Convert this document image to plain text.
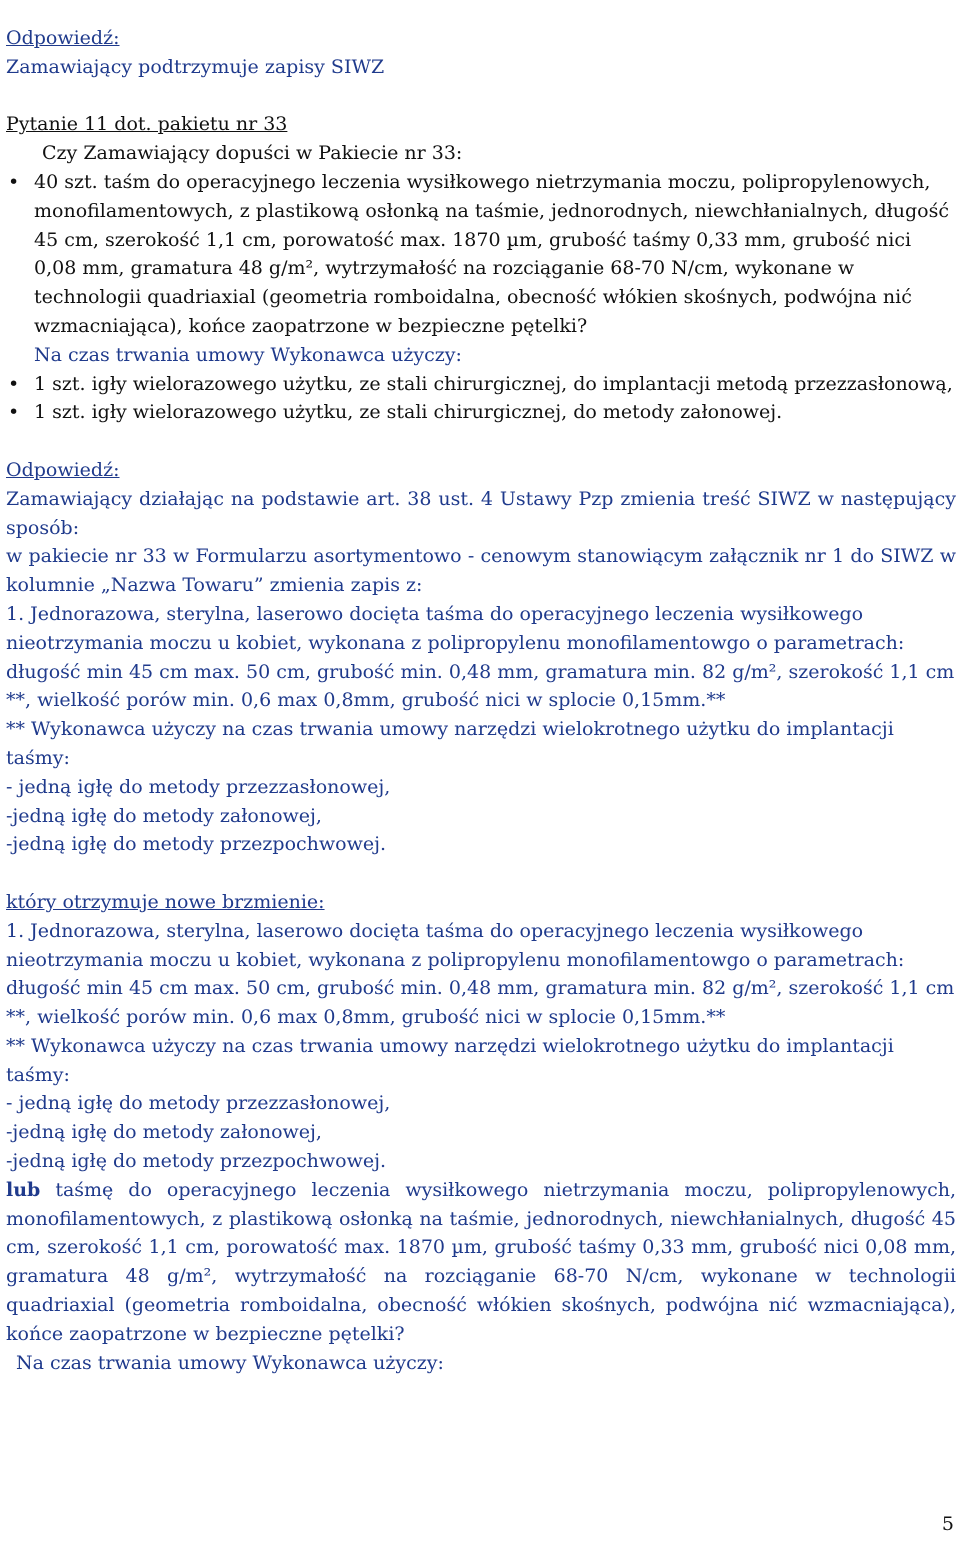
Odpowiedź:

Zamawiający podtrzymuje zapisy SIWZ

Pytanie 11 dot. pakietu nr 33

Czy Zamawiający dopuści w Pakiecie nr 33:

• 40 szt. taśm do operacyjnego leczenia wysiłkowego nietrzymania moczu, polipropylenowych, monofilamentowych, z plastikową osłonką na taśmie, jednorodnych, niewchłanialnych, długość 45 cm, szerokość 1,1 cm, porowatość max. 1870 µm, grubość taśmy 0,33 mm, grubość nici 0,08 mm, gramatura 48 g/m², wytrzymałość na rozciąganie 68-70 N/cm, wykonane w technologii quadriaxial (geometria romboidalna, obecność włókien skośnych, podwójna nić wzmacniająca), końce zaopatrzone w bezpieczne pętelki?

Na czas trwania umowy Wykonawca użyczy:

• 1 szt. igły wielorazowego użytku, ze stali chirurgicznej, do implantacji metodą przezzasłonową,
• 1 szt. igły wielorazowego użytku, ze stali chirurgicznej, do metody załonowej.

Odpowiedź:

Zamawiający działając na podstawie art. 38 ust. 4 Ustawy Pzp zmienia treść SIWZ w następujący sposób:

w pakiecie nr 33 w Formularzu asortymentowo - cenowym stanowiącym załącznik nr 1 do SIWZ w kolumnie „Nazwa Towaru” zmienia zapis z:

1. Jednorazowa, sterylna, laserowo docięta taśma do operacyjnego leczenia wysiłkowego nieotrzymania moczu u kobiet, wykonana z polipropylenu monofilamentowgo o parametrach: długość min 45 cm max. 50 cm, grubość min. 0,48 mm, gramatura min. 82 g/m², szerokość 1,1 cm **, wielkość porów min. 0,6 max 0,8mm, grubość nici w splocie 0,15mm.**

** Wykonawca użyczy na czas trwania umowy narzędzi wielokrotnego użytku do implantacji taśmy:

- jedną igłę do metody przezzasłonowej,

-jedną igłę do metody załonowej,

-jedną igłę do metody przezpochwowej.

który otrzymuje nowe brzmienie:

1. Jednorazowa, sterylna, laserowo docięta taśma do operacyjnego leczenia wysiłkowego nieotrzymania moczu u kobiet, wykonana z polipropylenu monofilamentowgo o parametrach: długość min 45 cm max. 50 cm, grubość min. 0,48 mm, gramatura min. 82 g/m², szerokość 1,1 cm **, wielkość porów min. 0,6 max 0,8mm, grubość nici w splocie 0,15mm.**

** Wykonawca użyczy na czas trwania umowy narzędzi wielokrotnego użytku do implantacji taśmy:

- jedną igłę do metody przezzasłonowej,

-jedną igłę do metody załonowej,

-jedną igłę do metody przezpochwowej.

lub taśmę do operacyjnego leczenia wysiłkowego nietrzymania moczu, polipropylenowych, monofilamentowych, z plastikową osłonką na taśmie, jednorodnych, niewchłanialnych, długość 45 cm, szerokość 1,1 cm, porowatość max. 1870 µm, grubość taśmy 0,33 mm, grubość nici 0,08 mm, gramatura 48 g/m², wytrzymałość na rozciąganie 68-70 N/cm, wykonane w technologii quadriaxial (geometria romboidalna, obecność włókien skośnych, podwójna nić wzmacniająca), końce zaopatrzone w bezpieczne pętelki?

Na czas trwania umowy Wykonawca użyczy:

5
